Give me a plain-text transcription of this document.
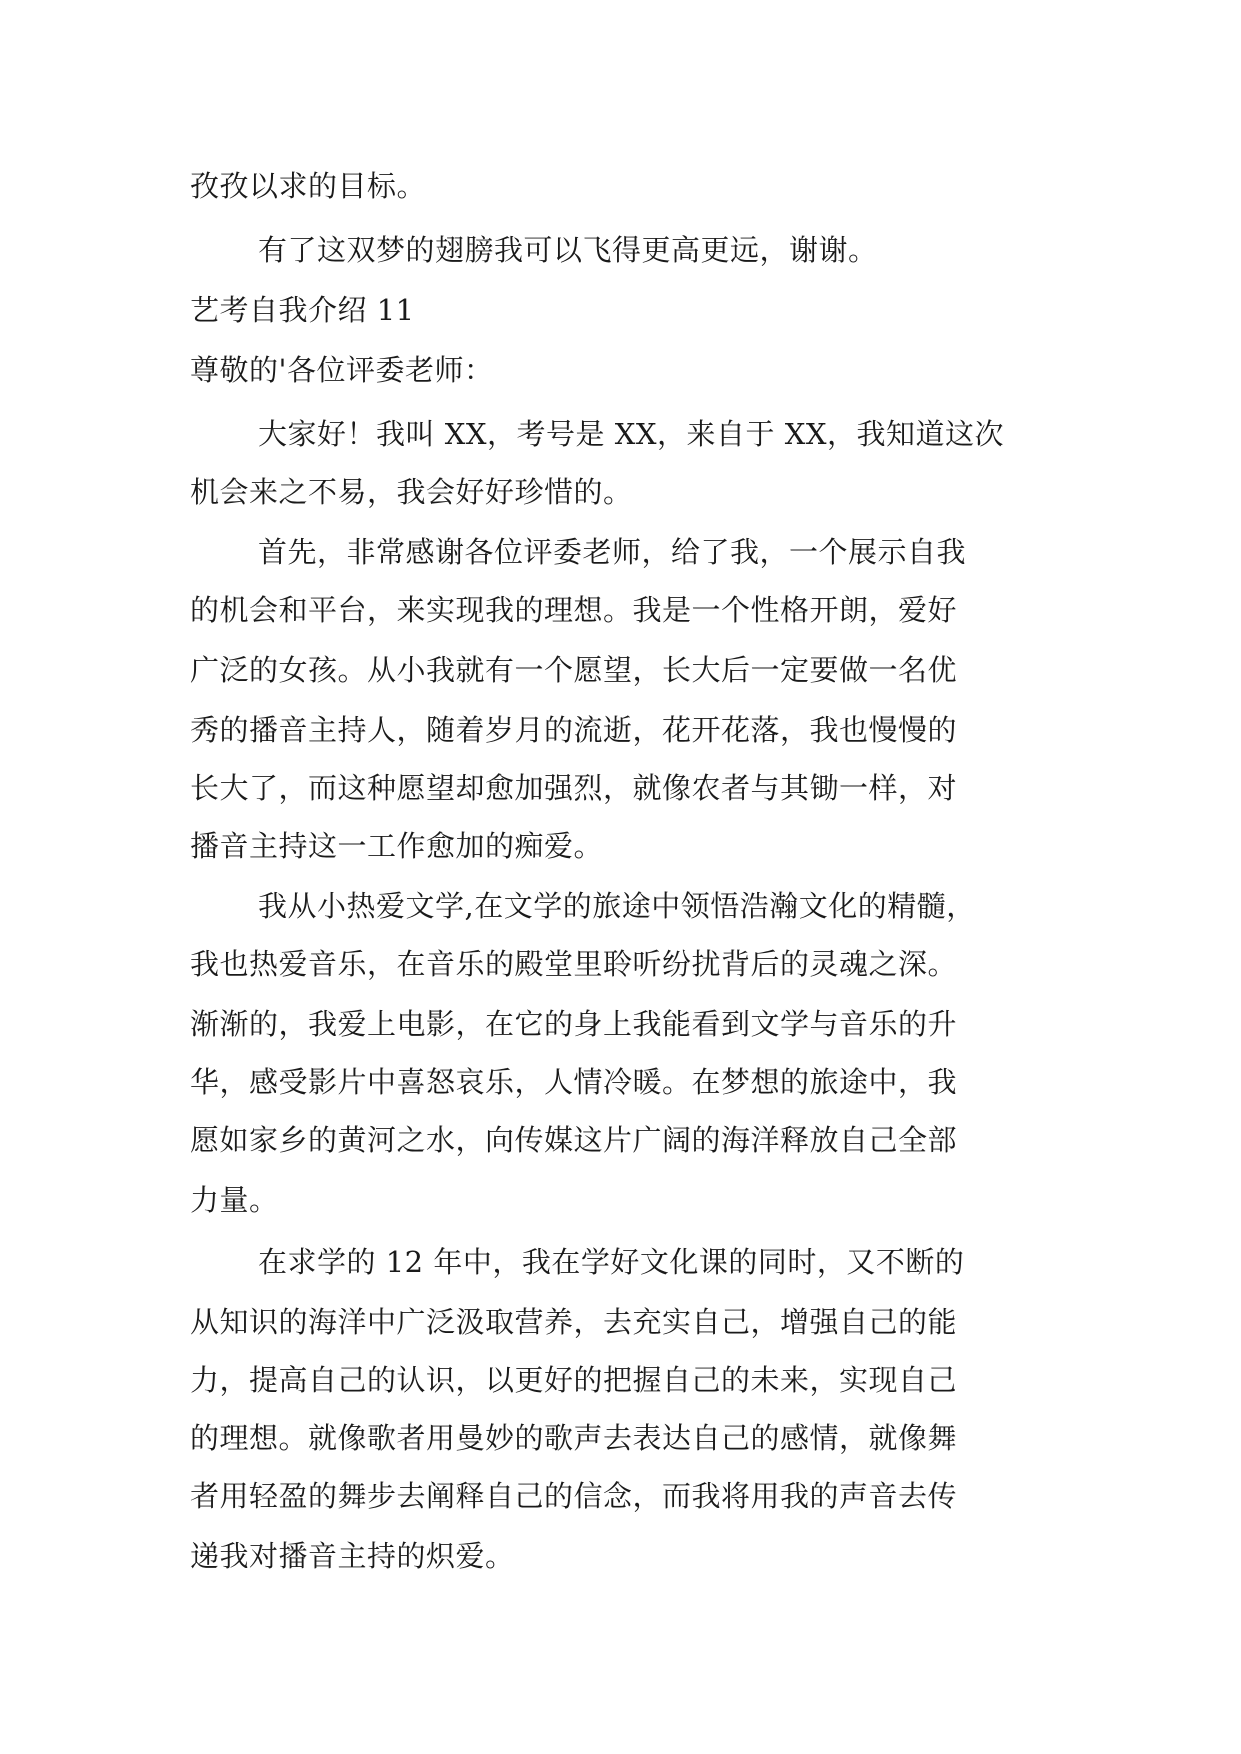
孜孜以求的目标。
有了这双梦的翅膀我可以飞得更高更远，谢谢。
艺考自我介绍 11
尊敬的'各位评委老师：
大家好！我叫 XX，考号是 XX，来自于 XX，我知道这次
机会来之不易，我会好好珍惜的。
首先，非常感谢各位评委老师，给了我，一个展示自我
的机会和平台，来实现我的理想。我是一个性格开朗，爱好
广泛的女孩。从小我就有一个愿望，长大后一定要做一名优
秀的播音主持人，随着岁月的流逝，花开花落，我也慢慢的
长大了，而这种愿望却愈加强烈，就像农者与其锄一样，对
播音主持这一工作愈加的痴爱。
我从小热爱文学,在文学的旅途中领悟浩瀚文化的精髓，
我也热爱音乐，在音乐的殿堂里聆听纷扰背后的灵魂之深。
渐渐的，我爱上电影，在它的身上我能看到文学与音乐的升
华，感受影片中喜怒哀乐，人情冷暖。在梦想的旅途中，我
愿如家乡的黄河之水，向传媒这片广阔的海洋释放自己全部
力量。
在求学的 12 年中，我在学好文化课的同时，又不断的
从知识的海洋中广泛汲取营养，去充实自己，增强自己的能
力，提高自己的认识，以更好的把握自己的未来，实现自己
的理想。就像歌者用曼妙的歌声去表达自己的感情，就像舞
者用轻盈的舞步去阐释自己的信念，而我将用我的声音去传
递我对播音主持的炽爱。
